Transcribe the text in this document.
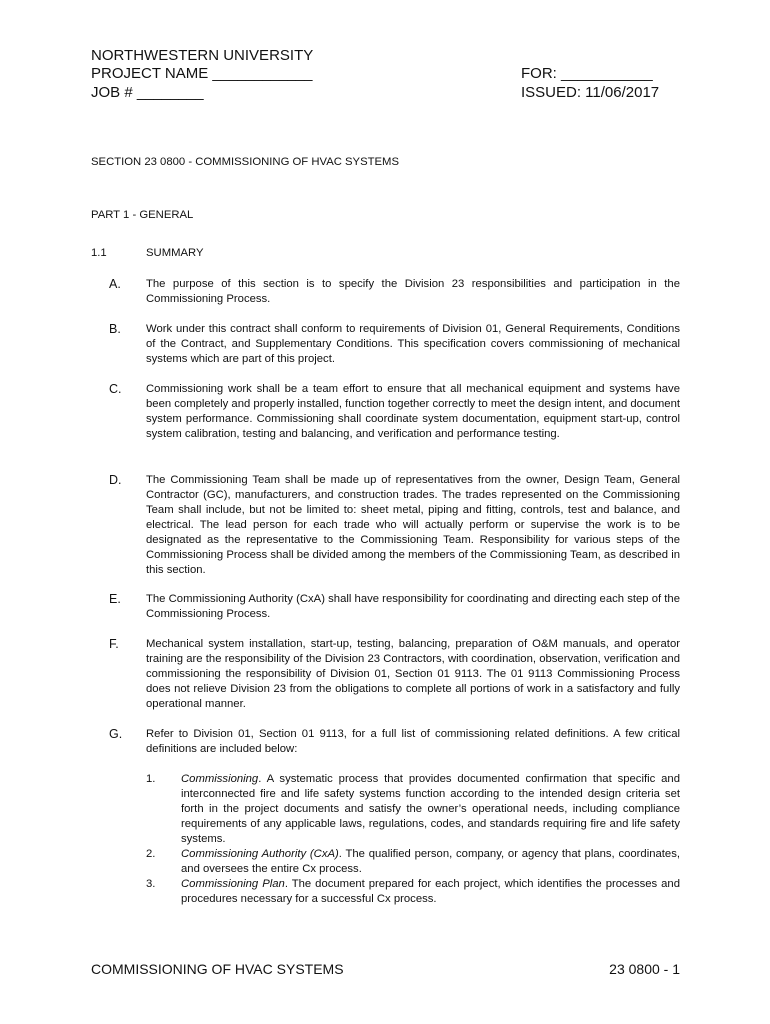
NORTHWESTERN UNIVERSITY
PROJECT NAME ____________
JOB # ________
FOR: ___________
ISSUED: 11/06/2017
SECTION 23 0800 - COMMISSIONING OF HVAC SYSTEMS
PART 1 - GENERAL
1.1	SUMMARY
A. The purpose of this section is to specify the Division 23 responsibilities and participation in the Commissioning Process.
B. Work under this contract shall conform to requirements of Division 01, General Requirements, Conditions of the Contract, and Supplementary Conditions. This specification covers commissioning of mechanical systems which are part of this project.
C. Commissioning work shall be a team effort to ensure that all mechanical equipment and systems have been completely and properly installed, function together correctly to meet the design intent, and document system performance. Commissioning shall coordinate system documentation, equipment start-up, control system calibration, testing and balancing, and verification and performance testing.
D. The Commissioning Team shall be made up of representatives from the owner, Design Team, General Contractor (GC), manufacturers, and construction trades. The trades represented on the Commissioning Team shall include, but not be limited to: sheet metal, piping and fitting, controls, test and balance, and electrical. The lead person for each trade who will actually perform or supervise the work is to be designated as the representative to the Commissioning Team. Responsibility for various steps of the Commissioning Process shall be divided among the members of the Commissioning Team, as described in this section.
E. The Commissioning Authority (CxA) shall have responsibility for coordinating and directing each step of the Commissioning Process.
F. Mechanical system installation, start-up, testing, balancing, preparation of O&M manuals, and operator training are the responsibility of the Division 23 Contractors, with coordination, observation, verification and commissioning the responsibility of Division 01, Section 01 9113. The 01 9113 Commissioning Process does not relieve Division 23 from the obligations to complete all portions of work in a satisfactory and fully operational manner.
G. Refer to Division 01, Section 01 9113, for a full list of commissioning related definitions. A few critical definitions are included below:
1. Commissioning. A systematic process that provides documented confirmation that specific and interconnected fire and life safety systems function according to the intended design criteria set forth in the project documents and satisfy the owner’s operational needs, including compliance requirements of any applicable laws, regulations, codes, and standards requiring fire and life safety systems.
2. Commissioning Authority (CxA). The qualified person, company, or agency that plans, coordinates, and oversees the entire Cx process.
3. Commissioning Plan. The document prepared for each project, which identifies the processes and procedures necessary for a successful Cx process.
COMMISSIONING OF HVAC SYSTEMS	23 0800 - 1
